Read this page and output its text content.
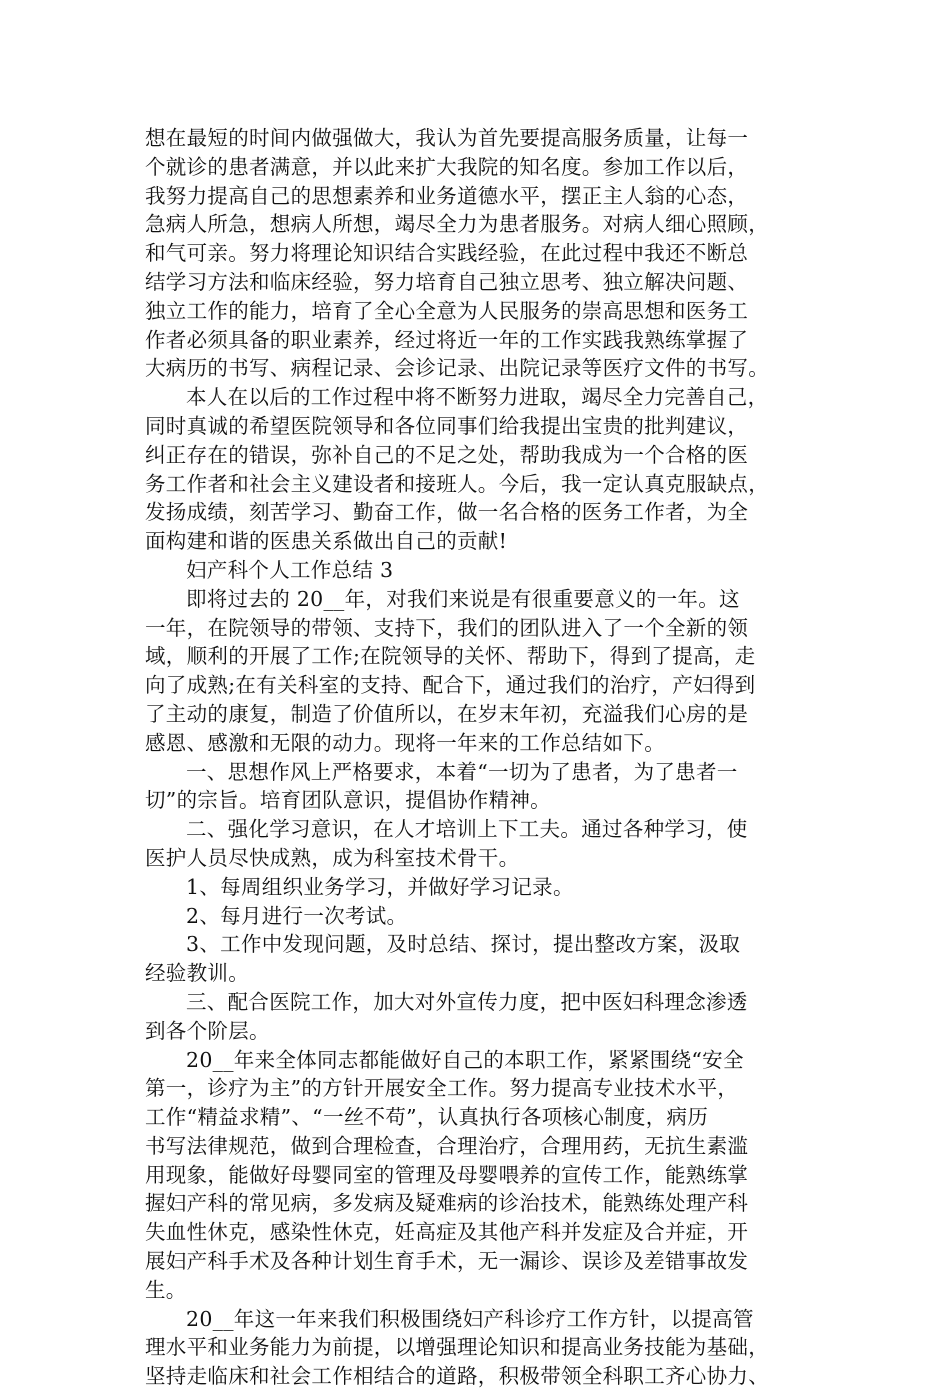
想在最短的时间内做强做大，我认为首先要提高服务质量，让每一
个就诊的患者满意，并以此来扩大我院的知名度。参加工作以后，
我努力提高自己的思想素养和业务道德水平，摆正主人翁的心态，
急病人所急，想病人所想，竭尽全力为患者服务。对病人细心照顾，
和气可亲。努力将理论知识结合实践经验，在此过程中我还不断总
结学习方法和临床经验，努力培育自己独立思考、独立解决问题、
独立工作的能力，培育了全心全意为人民服务的崇高思想和医务工
作者必须具备的职业素养，经过将近一年的工作实践我熟练掌握了
大病历的书写、病程记录、会诊记录、出院记录等医疗文件的书写。
本人在以后的工作过程中将不断努力进取，竭尽全力完善自己，
同时真诚的希望医院领导和各位同事们给我提出宝贵的批判建议，
纠正存在的错误，弥补自己的不足之处，帮助我成为一个合格的医
务工作者和社会主义建设者和接班人。今后，我一定认真克服缺点，
发扬成绩，刻苦学习、勤奋工作，做一名合格的医务工作者，为全
面构建和谐的医患关系做出自己的贡献!
妇产科个人工作总结 3
即将过去的 20__年，对我们来说是有很重要意义的一年。这
一年，在院领导的带领、支持下，我们的团队进入了一个全新的领
域，顺利的开展了工作;在院领导的关怀、帮助下，得到了提高，走
向了成熟;在有关科室的支持、配合下，通过我们的治疗，产妇得到
了主动的康复，制造了价值所以，在岁末年初，充溢我们心房的是
感恩、感激和无限的动力。现将一年来的工作总结如下。
一、思想作风上严格要求，本着“一切为了患者，为了患者一
切”的宗旨。培育团队意识，提倡协作精神。
二、强化学习意识，在人才培训上下工夫。通过各种学习，使
医护人员尽快成熟，成为科室技术骨干。
1、每周组织业务学习，并做好学习记录。
2、每月进行一次考试。
3、工作中发现问题，及时总结、探讨，提出整改方案，汲取
经验教训。
三、配合医院工作，加大对外宣传力度，把中医妇科理念渗透
到各个阶层。
20__年来全体同志都能做好自己的本职工作，紧紧围绕“安全
第一，诊疗为主”的方针开展安全工作。努力提高专业技术水平，
工作“精益求精”、“一丝不苟”，认真执行各项核心制度，病历
书写法律规范，做到合理检查，合理治疗，合理用药，无抗生素滥
用现象，能做好母婴同室的管理及母婴喂养的宣传工作，能熟练掌
握妇产科的常见病，多发病及疑难病的诊治技术，能熟练处理产科
失血性休克，感染性休克，妊高症及其他产科并发症及合并症，开
展妇产科手术及各种计划生育手术，无一漏诊、误诊及差错事故发
生。
20__年这一年来我们积极围绕妇产科诊疗工作方针，以提高管
理水平和业务能力为前提，以增强理论知识和提高业务技能为基础，
坚持走临床和社会工作相结合的道路，积极带领全科职工齐心协力、
